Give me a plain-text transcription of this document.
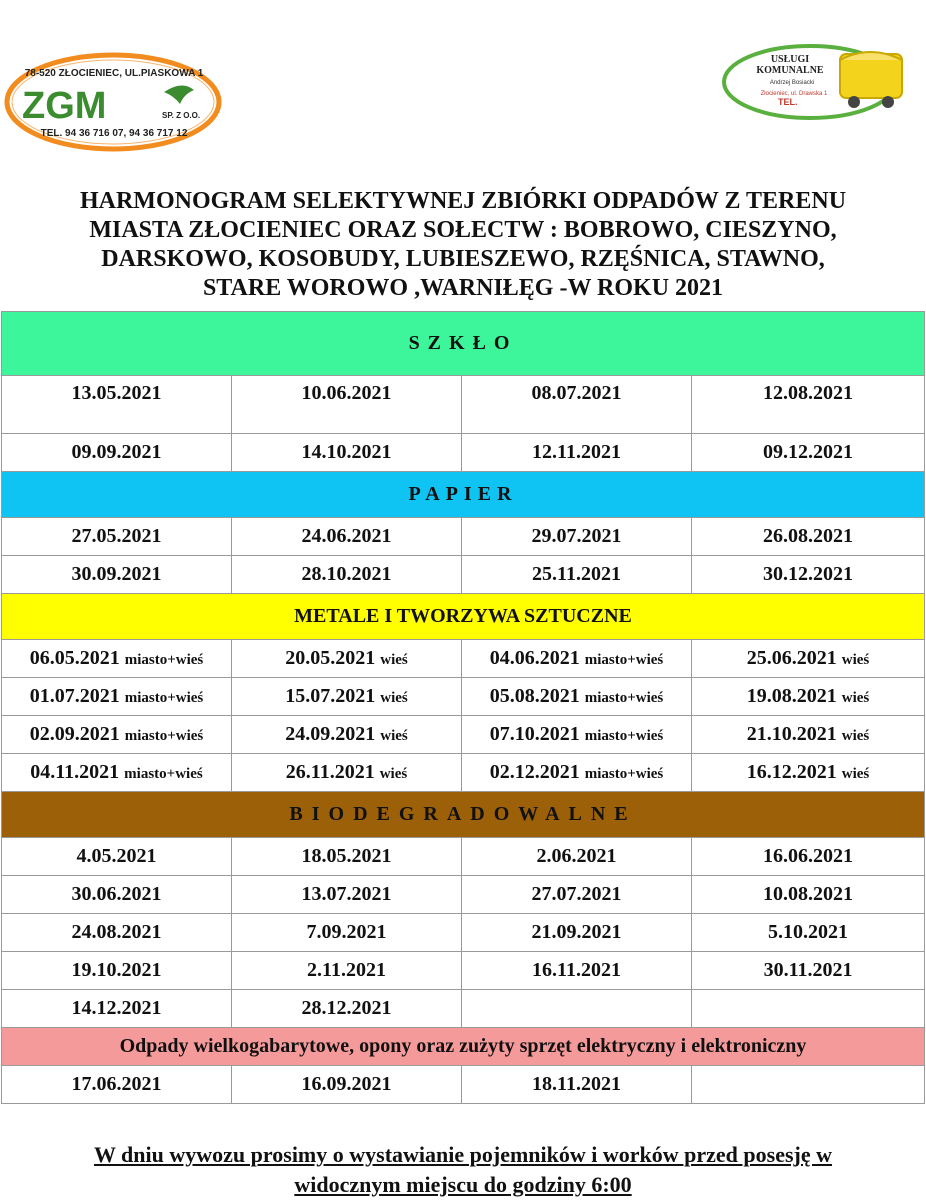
78-520 ZŁOCIENIEC, UL.PIASKOWA 1
ZGM	SP. Z O.O.
TEL. 94 36 716 07, 94 36 717 12
USŁUGI
KOMUNALNE
Andrzej Bosiacki
Złocieniec, ul. Drawska 1
TEL.
HARMONOGRAM SELEKTYWNEJ ZBIÓRKI ODPADÓW Z TERENU
MIASTA ZŁOCIENIEC ORAZ SOŁECTW : BOBROWO, CIESZYNO,
DARSKOWO, KOSOBUDY, LUBIESZEWO, RZĘŚNICA, STAWNO,
STARE WOROWO ,WARNIŁĘG -W ROKU 2021
SZKŁO			
13.05.2021	10.06.2021	08.07.2021	12.08.2021
09.09.2021	14.10.2021	12.11.2021	09.12.2021
PAPIER			
27.05.2021	24.06.2021	29.07.2021	26.08.2021
30.09.2021	28.10.2021	25.11.2021	30.12.2021
METALE I TWORZYWA SZTUCZNE			
06.05.2021 miasto+wieś	20.05.2021 wieś	04.06.2021 miasto+wieś	25.06.2021 wieś
01.07.2021 miasto+wieś	15.07.2021 wieś	05.08.2021 miasto+wieś	19.08.2021 wieś
02.09.2021 miasto+wieś	24.09.2021 wieś	07.10.2021 miasto+wieś	21.10.2021 wieś
04.11.2021 miasto+wieś	26.11.2021 wieś	02.12.2021 miasto+wieś	16.12.2021 wieś
BIODEGRADOWALNE			
4.05.2021	18.05.2021	2.06.2021	16.06.2021
30.06.2021	13.07.2021	27.07.2021	10.08.2021
24.08.2021	7.09.2021	21.09.2021	5.10.2021
19.10.2021	2.11.2021	16.11.2021	30.11.2021
14.12.2021	28.12.2021		
Odpady wielkogabarytowe, opony oraz zużyty sprzęt elektryczny i elektroniczny			
17.06.2021	16.09.2021	18.11.2021	
W dniu wywozu prosimy o wystawianie pojemników i worków przed posesję w
widocznym miejscu do godziny 6:00
